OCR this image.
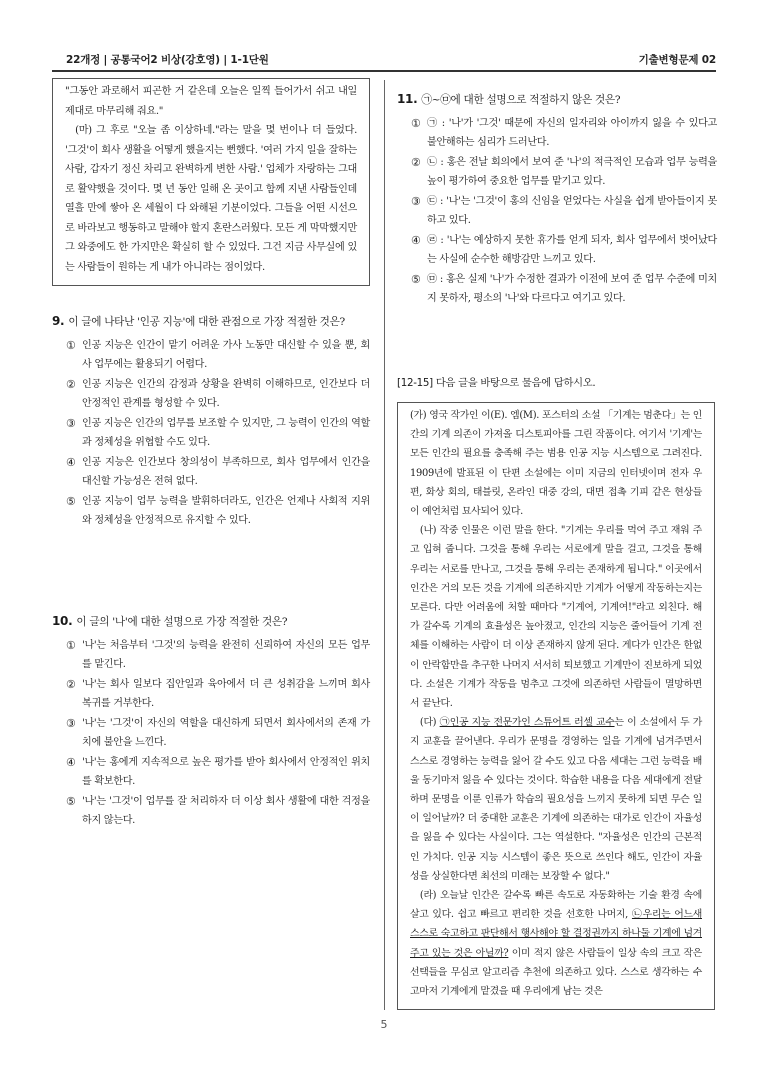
22개정 | 공통국어2 비상(강호영) | 1-1단원	기출변형문제 02

"그동안 과로해서 피곤한 거 같은데 오늘은 일찍 들어가서 쉬고 내일 제대로 마무리해 줘요."

(마) 그 후로 "오늘 좀 이상하네."라는 말을 몇 번이나 더 들었다. '그것'이 회사 생활을 어떻게 했을지는 뻔했다. '여러 가지 일을 잘하는 사람, 갑자기 정신 차리고 완벽하게 변한 사람.' 업체가 자랑하는 그대로 활약했을 것이다. 몇 년 동안 일해 온 곳이고 함께 지낸 사람들인데 열흘 만에 쌓아 온 세월이 다 와해된 기분이었다. 그들을 어떤 시선으로 바라보고 행동하고 말해야 할지 혼란스러웠다. 모든 게 막막했지만 그 와중에도 한 가지만은 확실히 할 수 있었다. 그건 지금 사무실에 있는 사람들이 원하는 게 내가 아니라는 점이었다.

9. 이 글에 나타난 '인공 지능'에 대한 관점으로 가장 적절한 것은?

① 인공 지능은 인간이 맡기 어려운 가사 노동만 대신할 수 있을 뿐, 회사 업무에는 활용되기 어렵다.
② 인공 지능은 인간의 감정과 상황을 완벽히 이해하므로, 인간보다 더 안정적인 관계를 형성할 수 있다.
③ 인공 지능은 인간의 업무를 보조할 수 있지만, 그 능력이 인간의 역할과 정체성을 위협할 수도 있다.
④ 인공 지능은 인간보다 창의성이 부족하므로, 회사 업무에서 인간을 대신할 가능성은 전혀 없다.
⑤ 인공 지능이 업무 능력을 발휘하더라도, 인간은 언제나 사회적 지위와 정체성을 안정적으로 유지할 수 있다.

10. 이 글의 '나'에 대한 설명으로 가장 적절한 것은?

① '나'는 처음부터 '그것'의 능력을 완전히 신뢰하여 자신의 모든 업무를 맡긴다.
② '나'는 회사 일보다 집안일과 육아에서 더 큰 성취감을 느끼며 회사 복귀를 거부한다.
③ '나'는 '그것'이 자신의 역할을 대신하게 되면서 회사에서의 존재 가치에 불안을 느낀다.
④ '나'는 홍에게 지속적으로 높은 평가를 받아 회사에서 안정적인 위치를 확보한다.
⑤ '나'는 '그것'이 업무를 잘 처리하자 더 이상 회사 생활에 대한 걱정을 하지 않는다.

11. ㉠~㉤에 대한 설명으로 적절하지 않은 것은?

① ㉠ : '나'가 '그것' 때문에 자신의 일자리와 아이까지 잃을 수 있다고 불안해하는 심리가 드러난다.
② ㉡ : 홍은 전날 회의에서 보여 준 '나'의 적극적인 모습과 업무 능력을 높이 평가하여 중요한 업무를 맡기고 있다.
③ ㉢ : '나'는 '그것'이 홍의 신임을 얻었다는 사실을 쉽게 받아들이지 못하고 있다.
④ ㉣ : '나'는 예상하지 못한 휴가를 얻게 되자, 회사 업무에서 벗어났다는 사실에 순수한 해방감만 느끼고 있다.
⑤ ㉤ : 홍은 실제 '나'가 수정한 결과가 이전에 보여 준 업무 수준에 미치지 못하자, 평소의 '나'와 다르다고 여기고 있다.

[12-15] 다음 글을 바탕으로 물음에 답하시오.

(가) 영국 작가인 이(E). 엠(M). 포스터의 소설 「기계는 멈춘다」는 인간의 기계 의존이 가져올 디스토피아를 그린 작품이다. 여기서 '기계'는 모든 인간의 필요를 충족해 주는 범용 인공 지능 시스템으로 그려진다. 1909년에 발표된 이 단편 소설에는 이미 지금의 인터넷이며 전자 우편, 화상 회의, 태블릿, 온라인 대중 강의, 대면 접촉 기피 같은 현상들이 예언처럼 묘사되어 있다.

(나) 작중 인물은 이런 말을 한다. "기계는 우리를 먹여 주고 재워 주고 입혀 줍니다. 그것을 통해 우리는 서로에게 말을 걸고, 그것을 통해 우리는 서로를 만나고, 그것을 통해 우리는 존재하게 됩니다." 이곳에서 인간은 거의 모든 것을 기계에 의존하지만 기계가 어떻게 작동하는지는 모른다. 다만 어려움에 처할 때마다 "기계여, 기계여!"라고 외친다. 해가 갈수록 기계의 효율성은 높아졌고, 인간의 지능은 줄어들어 기계 전체를 이해하는 사람이 더 이상 존재하지 않게 된다. 게다가 인간은 한없이 안락함만을 추구한 나머지 서서히 퇴보했고 기계만이 진보하게 되었다. 소설은 기계가 작동을 멈추고 그것에 의존하던 사람들이 멸망하면서 끝난다.

(다) ㉠인공 지능 전문가인 스튜어트 러셀 교수는 이 소설에서 두 가지 교훈을 끌어낸다. 우리가 문명을 경영하는 일을 기계에 넘겨주면서 스스로 경영하는 능력을 잃어 갈 수도 있고 다음 세대는 그런 능력을 배울 동기마저 잃을 수 있다는 것이다. 학습한 내용을 다음 세대에게 전달하며 문명을 이룬 인류가 학습의 필요성을 느끼지 못하게 되면 무슨 일이 일어날까? 더 중대한 교훈은 기계에 의존하는 대가로 인간이 자율성을 잃을 수 있다는 사실이다. 그는 역설한다. "자율성은 인간의 근본적인 가치다. 인공 지능 시스템이 좋은 뜻으로 쓰인다 해도, 인간이 자율성을 상실한다면 최선의 미래는 보장할 수 없다."

(라) 오늘날 인간은 갈수록 빠른 속도로 자동화하는 기술 환경 속에 살고 있다. 쉽고 빠르고 편리한 것을 선호한 나머지, ㉡우리는 어느새 스스로 숙고하고 판단해서 행사해야 할 결정권까지 하나둘 기계에 넘겨주고 있는 것은 아닐까? 이미 적지 않은 사람들이 일상 속의 크고 작은 선택들을 무심코 알고리즘 추천에 의존하고 있다. 스스로 생각하는 수고마저 기계에게 맡겼을 때 우리에게 남는 것은

5
